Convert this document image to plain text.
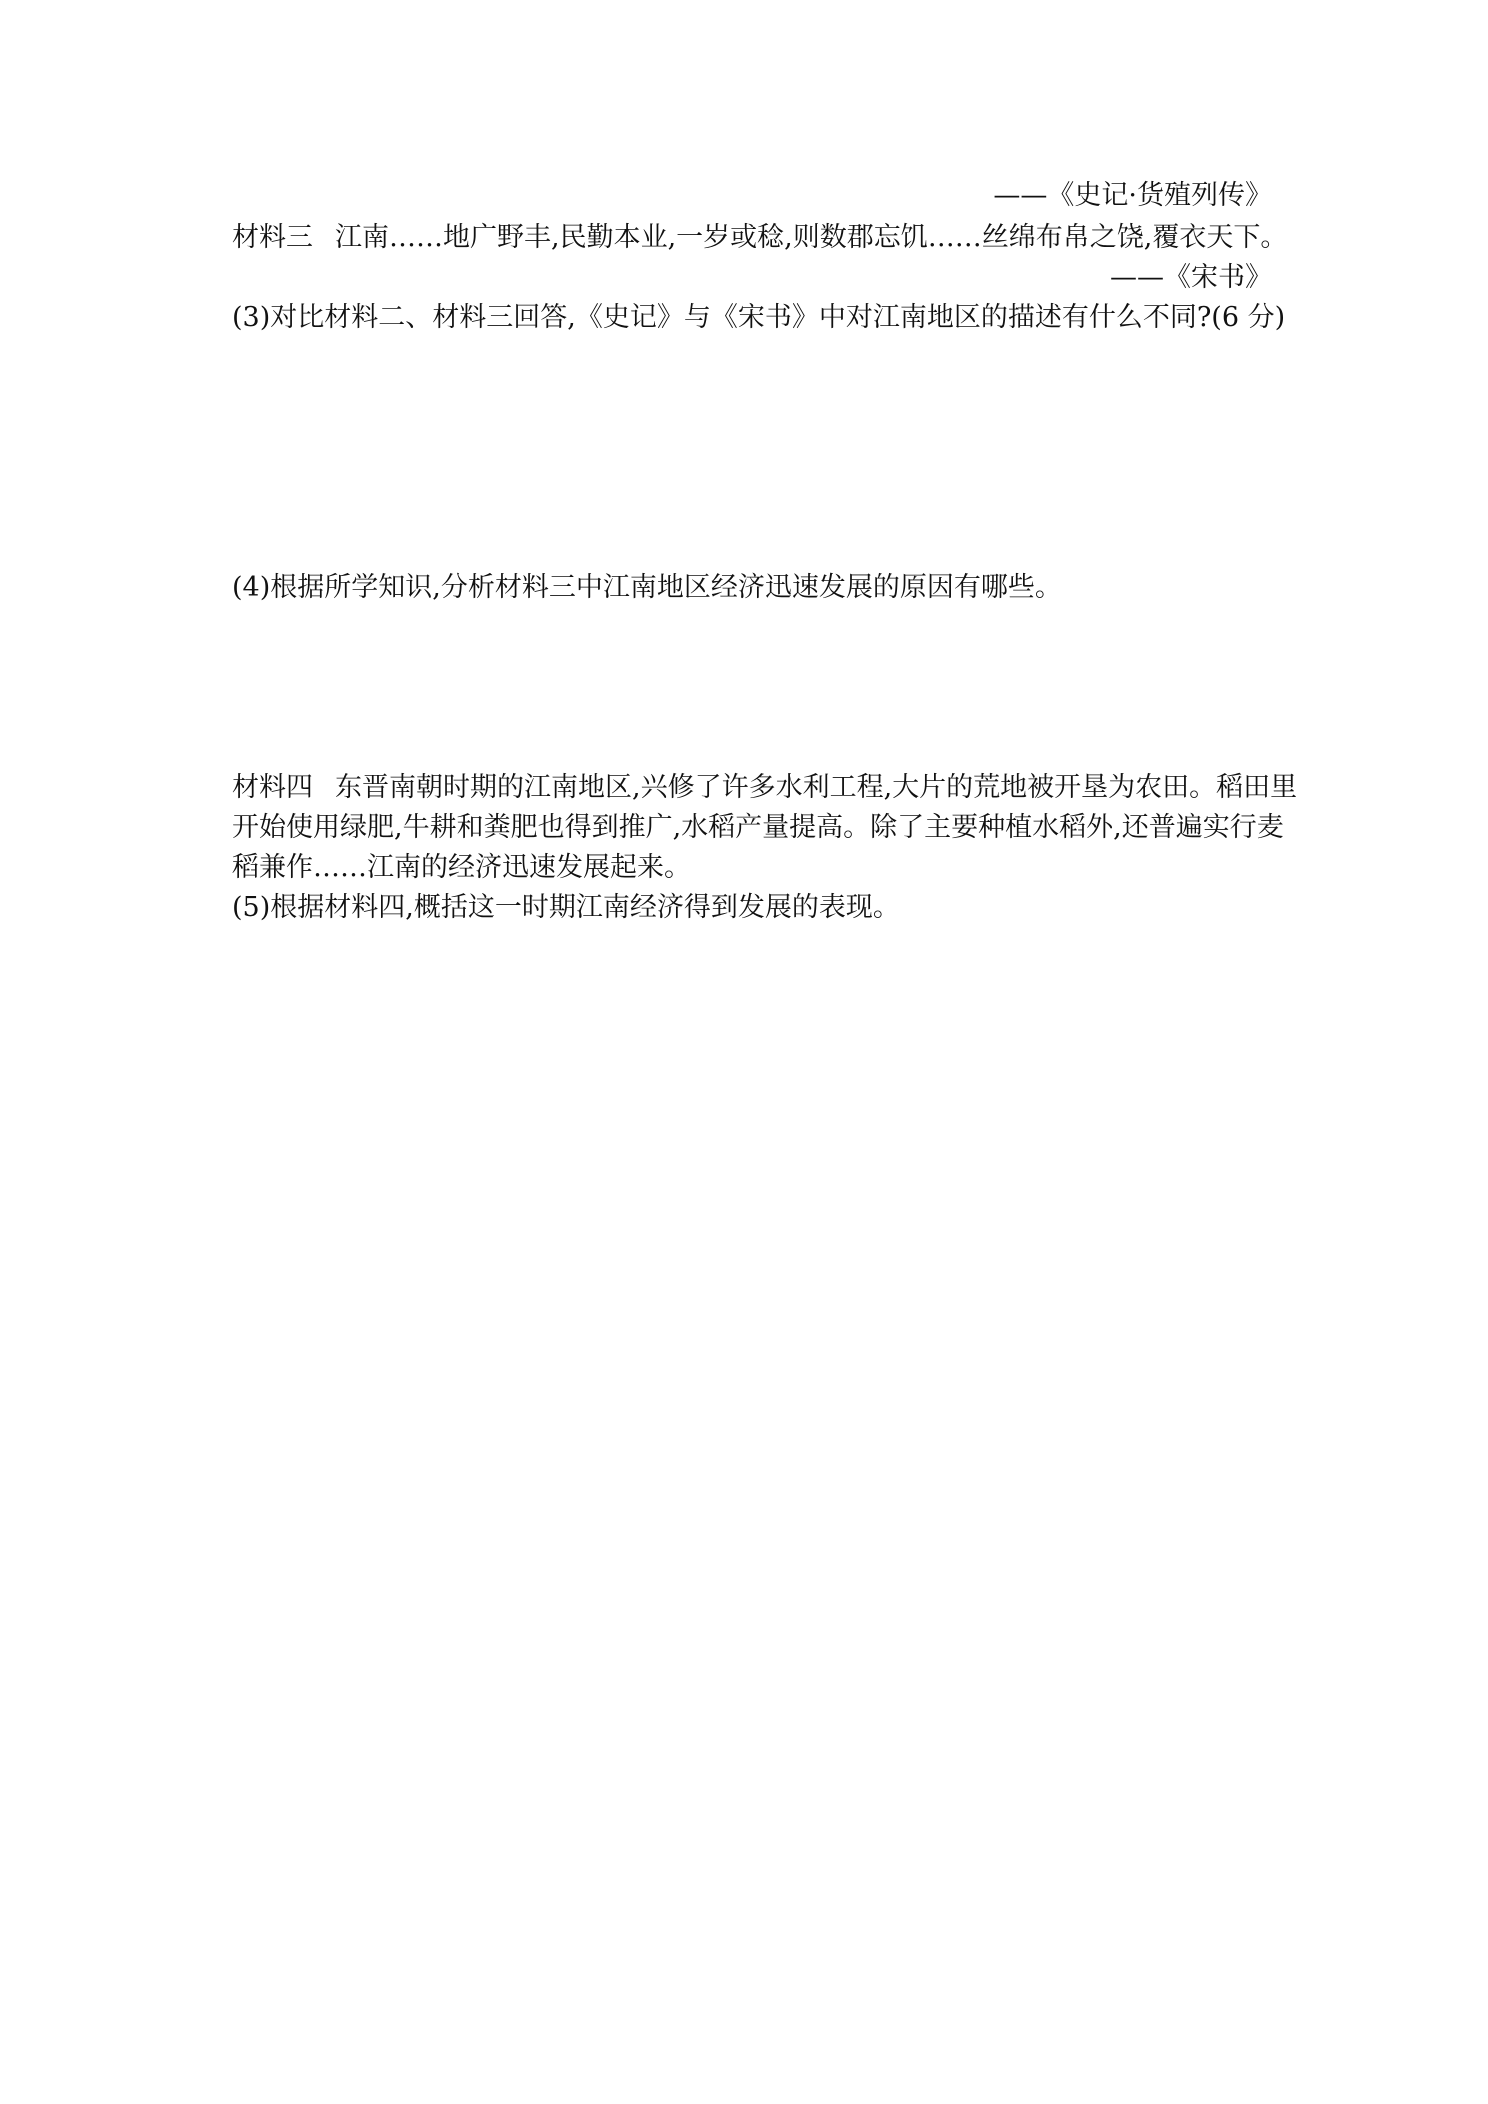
——《史记·货殖列传》

材料三 江南……地广野丰,民勤本业,一岁或稔,则数郡忘饥……丝绵布帛之饶,覆衣天下。

——《宋书》

(3)对比材料二、材料三回答,《史记》与《宋书》中对江南地区的描述有什么不同?(6 分)

(4)根据所学知识,分析材料三中江南地区经济迅速发展的原因有哪些。

材料四 东晋南朝时期的江南地区,兴修了许多水利工程,大片的荒地被开垦为农田。稻田里

开始使用绿肥,牛耕和粪肥也得到推广,水稻产量提高。除了主要种植水稻外,还普遍实行麦

稻兼作……江南的经济迅速发展起来。

(5)根据材料四,概括这一时期江南经济得到发展的表现。
